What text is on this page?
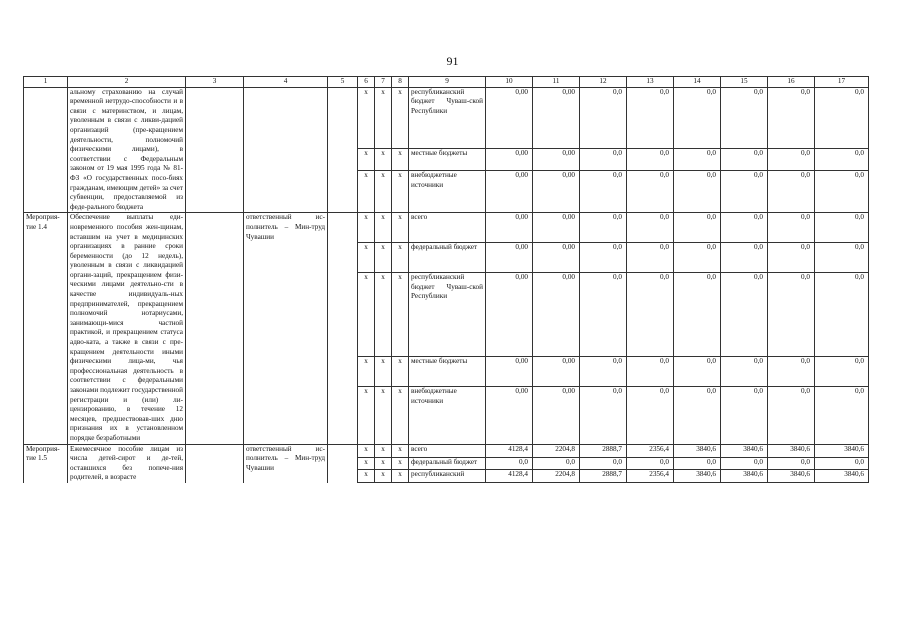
91
1	2	3	4	5	6	7	8	9	10	11	12	13	14	15	16	17
	альному страхованию на случай временной нетрудо-способности и в связи с материнством, и лицам, уволенным в связи с ликви-дацией организаций (пре-кращением деятельности, полномочий физическими лицами), в соответствии с Федеральным законом от 19 мая 1995 года № 81-ФЗ «О государственных посо-биях гражданам, имеющим детей» за счет субвенции, предоставляемой из феде-рального бюджета				x	x	x	республиканский бюджет Чуваш-ской Республики	0,00	0,00	0,0	0,0	0,0	0,0	0,0	0,0
					x	x	x	местные бюджеты	0,00	0,00	0,0	0,0	0,0	0,0	0,0	0,0
					x	x	x	внебюджетные источники	0,00	0,00	0,0	0,0	0,0	0,0	0,0	0,0
Мероприя-тие 1.4	Обеспечение выплаты еди-новременного пособия жен-щинам, вставшим на учет в медицинских организациях в ранние сроки беременности (до 12 недель), уволенным в связи с ликвидацией органи-заций, прекращением физи-ческими лицами деятельно-сти в качестве индивидуаль-ных предпринимателей, прекращением полномочий нотариусами, занимающи-мися частной практикой, и прекращением статуса адво-ката, а также в связи с пре-кращением деятельности иными физическими лица-ми, чья профессиональная деятельность в соответствии с федеральными законами подлежит государственной регистрации и (или) ли-цензированию, в течение 12 месяцев, предшествовав-ших дню признания их в установленном порядке безработными		ответственный ис-полнитель – Мин-труд Чувашии		x	x	x	всего	0,00	0,00	0,0	0,0	0,0	0,0	0,0	0,0
					x	x	x	федеральный бюджет	0,00	0,00	0,0	0,0	0,0	0,0	0,0	0,0
					x	x	x	республиканский бюджет Чуваш-ской Республики	0,00	0,00	0,0	0,0	0,0	0,0	0,0	0,0
					x	x	x	местные бюджеты	0,00	0,00	0,0	0,0	0,0	0,0	0,0	0,0
					x	x	x	внебюджетные источники	0,00	0,00	0,0	0,0	0,0	0,0	0,0	0,0
Мероприя-тие 1.5	Ежемесячное пособие лицам из числа детей-сирот и де-тей, оставшихся без попече-ния родителей, в возрасте		ответственный ис-полнитель – Мин-труд Чувашии		x	x	x	всего	4128,4	2204,8	2888,7	2356,4	3840,6	3840,6	3840,6	3840,6
					x	x	x	федеральный бюджет	0,0	0,0	0,0	0,0	0,0	0,0	0,0	0,0
					x	x	x	республиканский	4128,4	2204,8	2888,7	2356,4	3840,6	3840,6	3840,6	3840,6
